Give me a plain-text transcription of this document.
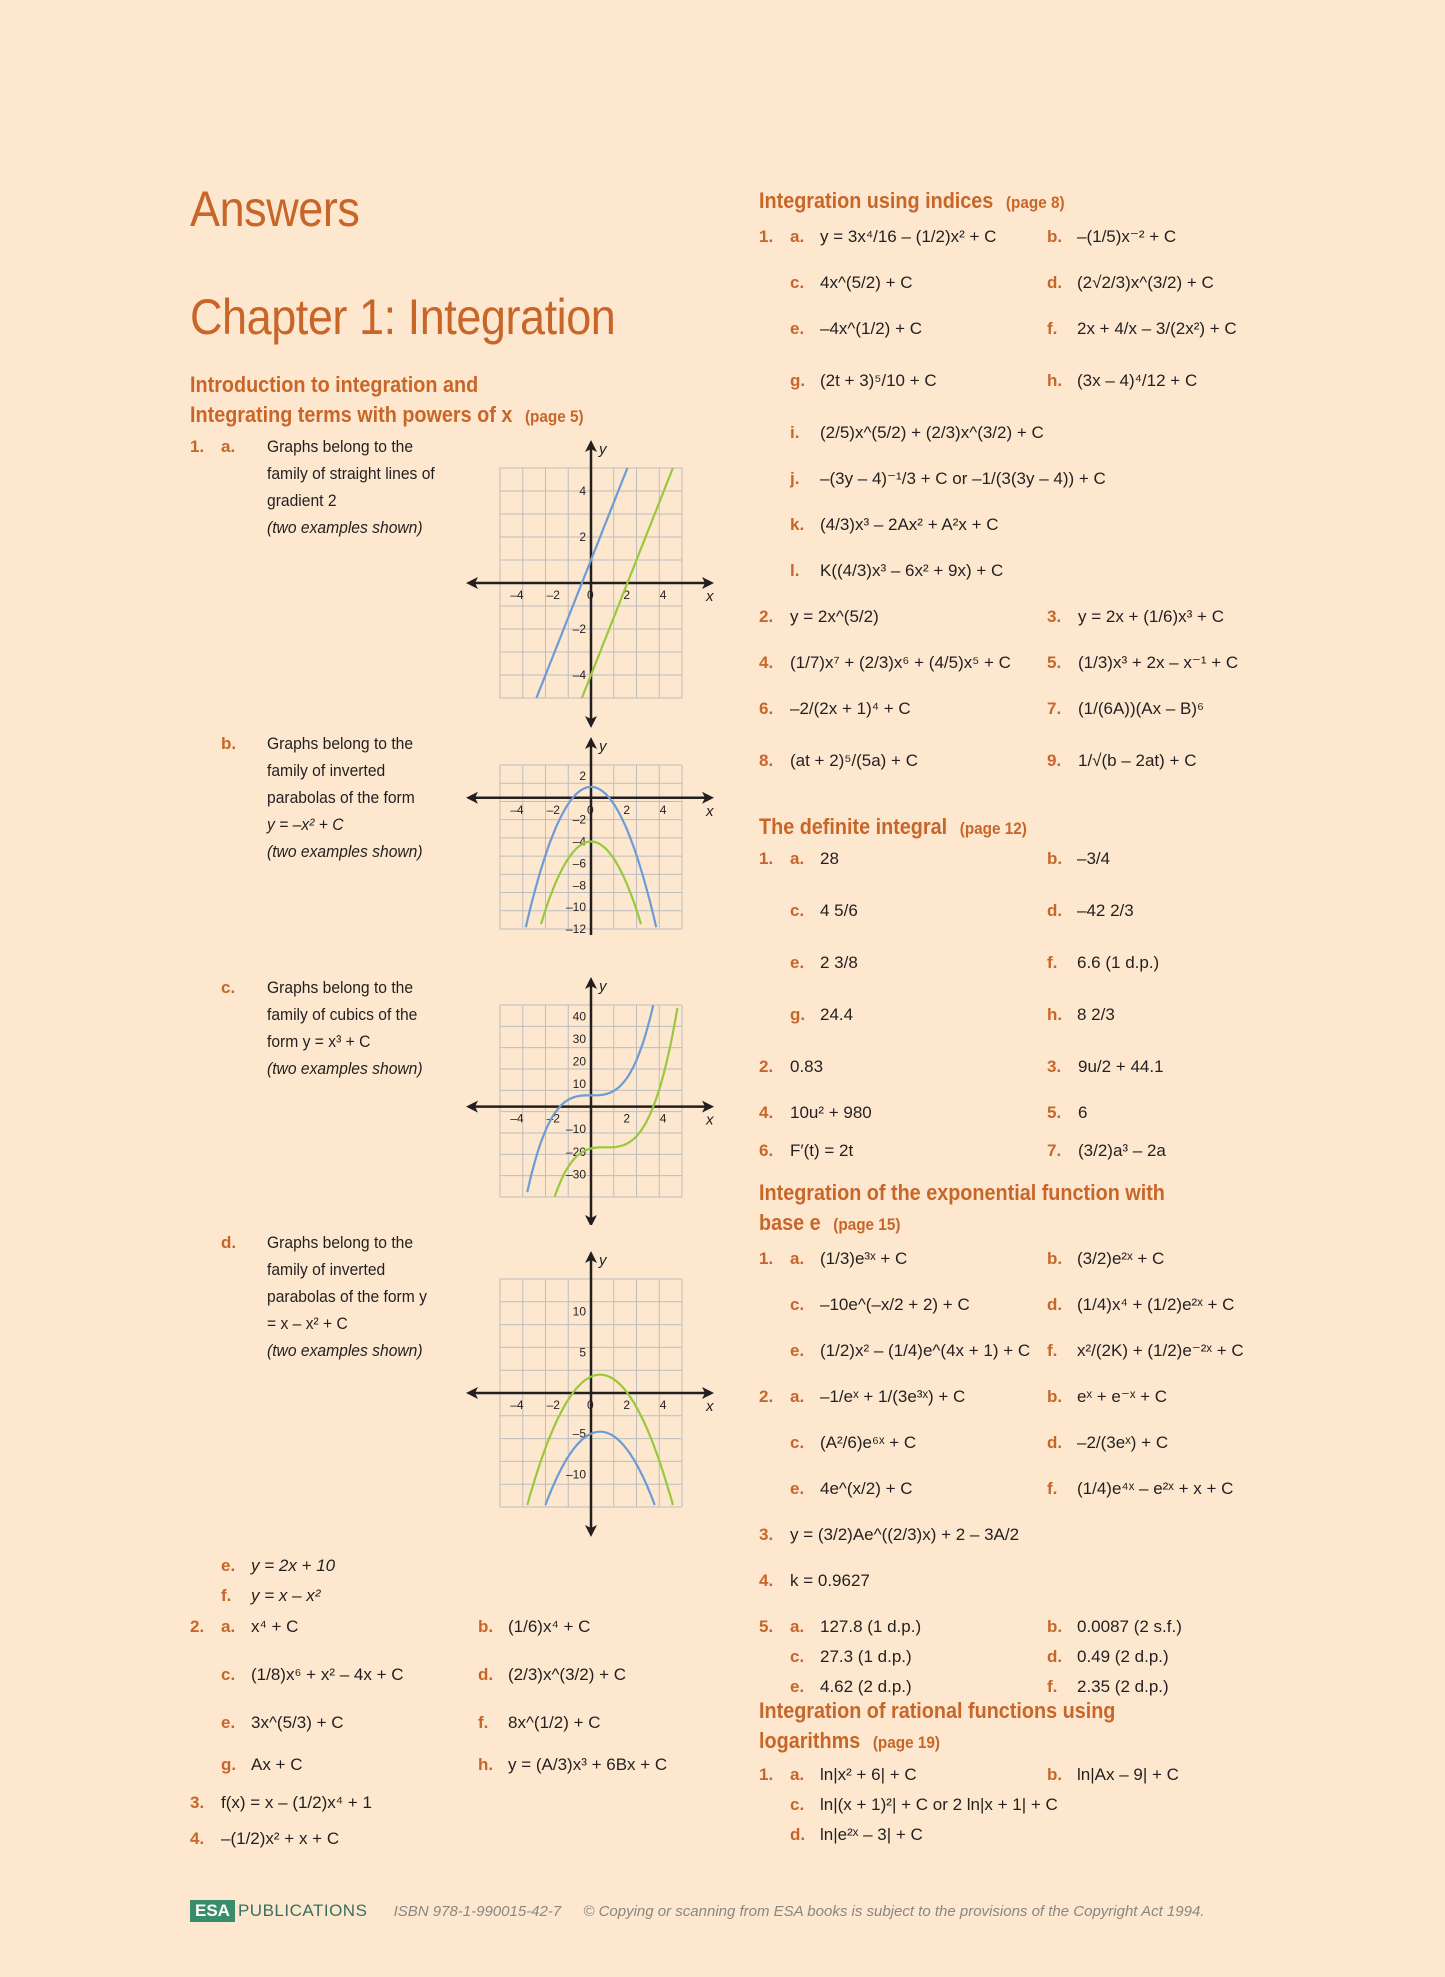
Answers
Chapter 1: Integration
Introduction to integration and
Integrating terms with powers of x (page 5)
1. a.	Graphs belong to the
family of straight lines of
gradient 2
(two examples shown)
b.	Graphs belong to the
family of inverted
parabolas of the form
y = –x² + C
(two examples shown)
c.	Graphs belong to the
family of cubics of the
form y = x³ + C
(two examples shown)
d.	Graphs belong to the
family of inverted
parabolas of the form y
= x – x² + C
(two examples shown)
e. y = 2x + 10
f. y = x – x²
2. a. x⁴ + C	b. (1/6)x⁴ + C
c. (1/8)x⁶ + x² – 4x + C	d. (2/3)x^(3/2) + C
e. 3x^(5/3) + C	f. 8x^(1/2) + C
g. Ax + C	h. y = (A/3)x³ + 6Bx + C
3. f(x) = x – (1/2)x⁴ + 1
4. –(1/2)x² + x + C
x
y
–4 –2 0 2 4
4
2
–2
–4
x
y
–4 –2 0 2 4
2
–2
–4
–6
–8
–10
–12
x
y
–4 –2	2 4
40
30
20
10
–10
–20
–30
x
y
–4 –2 0 2 4
10
5
–5
–10
Integration using indices (page 8)
1. a. y = 3x⁴/16 – (1/2)x² + C	b. –(1/5)x⁻² + C
c. 4x^(5/2) + C	d. (2√2/3)x^(3/2) + C
e. –4x^(1/2) + C	f. 2x + 4/x – 3/(2x²) + C
g. (2t + 3)⁵/10 + C	h. (3x – 4)⁴/12 + C
i. (2/5)x^(5/2) + (2/3)x^(3/2) + C
j. –(3y – 4)⁻¹/3 + C or –1/(3(3y – 4)) + C
k. (4/3)x³ – 2Ax² + A²x + C
l. K((4/3)x³ – 6x² + 9x) + C
2. y = 2x^(5/2)	3. y = 2x + (1/6)x³ + C
4. (1/7)x⁷ + (2/3)x⁶ + (4/5)x⁵ + C 5. (1/3)x³ + 2x – x⁻¹ + C
6. –2/(2x + 1)⁴ + C	7. (1/(6A))(Ax – B)⁶
8. (at + 2)⁵/(5a) + C	9. 1/√(b – 2at) + C
The definite integral (page 12)
1. a. 28	b. –3/4
c. 4 5/6	d. –42 2/3
e. 2 3/8	f. 6.6 (1 d.p.)
g. 24.4	h. 8 2/3
2. 0.83	3. 9u/2 + 44.1
4. 10u² + 980	5. 6
6. F′(t) = 2t	7. (3/2)a³ – 2a
Integration of the exponential function with
base e (page 15)
1. a. (1/3)e³ˣ + C	b. (3/2)e²ˣ + C
c. –10e^(–x/2 + 2) + C	d. (1/4)x⁴ + (1/2)e²ˣ + C
e. (1/2)x² – (1/4)e^(4x + 1) + C f. x²/(2K) + (1/2)e⁻²ˣ + C
2. a. –1/eˣ + 1/(3e³ˣ) + C	b. eˣ + e⁻ˣ + C
c. (A²/6)e⁶ˣ + C	d. –2/(3eˣ) + C
e. 4e^(x/2) + C	f. (1/4)e⁴ˣ – e²ˣ + x + C
3. y = (3/2)Ae^((2/3)x) + 2 – 3A/2
4. k = 0.9627
5. a. 127.8 (1 d.p.)	b. 0.0087 (2 s.f.)
c. 27.3 (1 d.p.)	d. 0.49 (2 d.p.)
e. 4.62 (2 d.p.)	f. 2.35 (2 d.p.)
Integration of rational functions using
logarithms (page 19)
1. a. ln|x² + 6| + C	b. ln|Ax – 9| + C
c. ln|(x + 1)²| + C or 2 ln|x + 1| + C
d. ln|e²ˣ – 3| + C
ESA PUBLICATIONS ISBN 978-1-990015-42-7 © Copying or scanning from ESA books is subject to the provisions of the Copyright Act 1994.
